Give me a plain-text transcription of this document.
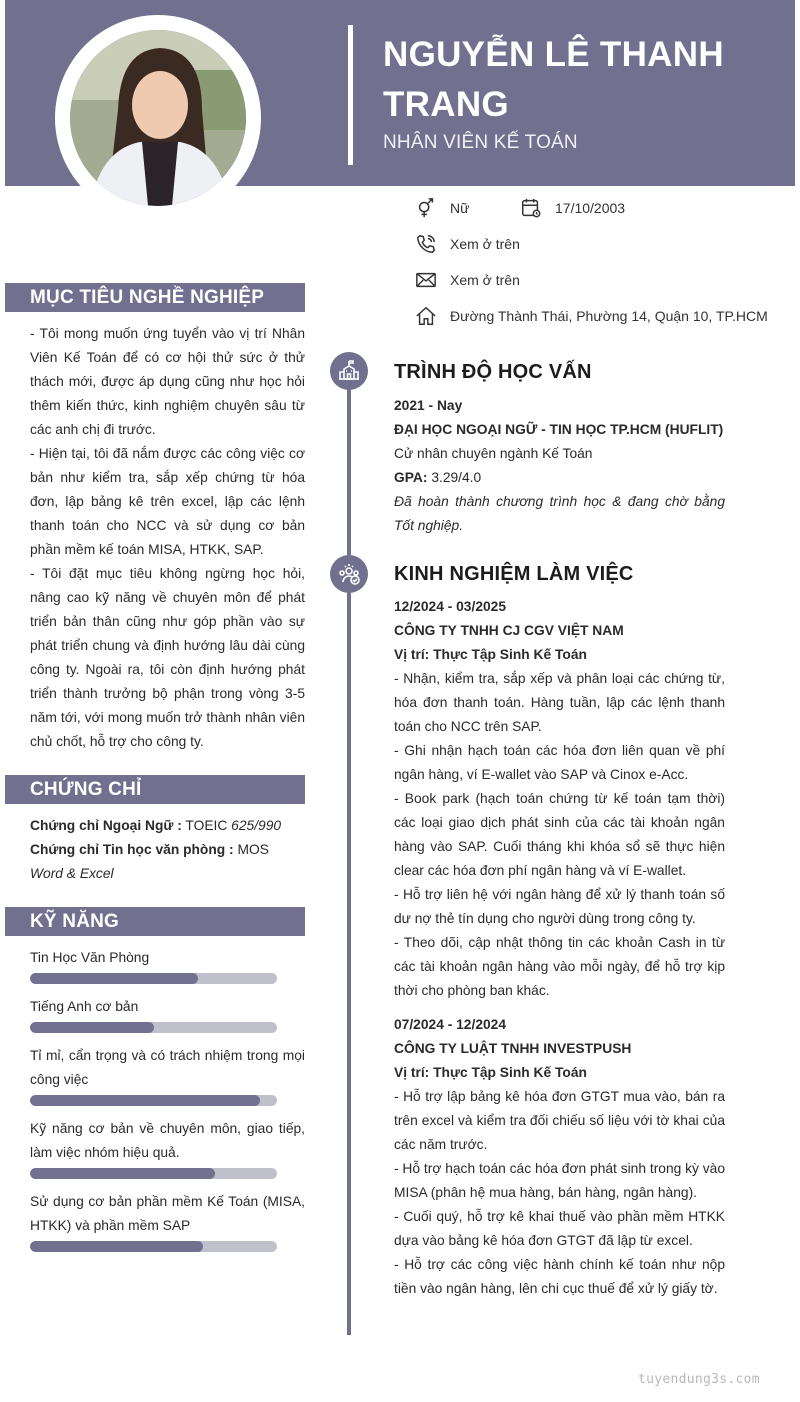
NGUYỄN LÊ THANH TRANG
NHÂN VIÊN KẾ TOÁN
Nữ	17/10/2003
Xem ở trên
Xem ở trên
Đường Thành Thái, Phường 14, Quận 10, TP.HCM
MỤC TIÊU NGHỀ NGHIỆP

- Tôi mong muốn ứng tuyển vào vị trí Nhân Viên Kế Toán để có cơ hội thử sức ở thử thách mới, được áp dụng cũng như học hỏi thêm kiến thức, kinh nghiệm chuyên sâu từ các anh chị đi trước.

- Hiện tại, tôi đã nắm được các công việc cơ bản như kiểm tra, sắp xếp chứng từ hóa đơn, lập bảng kê trên excel, lập các lệnh thanh toán cho NCC và sử dụng cơ bản phần mềm kế toán MISA, HTKK, SAP.

- Tôi đặt mục tiêu không ngừng học hỏi, nâng cao kỹ năng về chuyên môn để phát triển bản thân cũng như góp phần vào sự phát triển chung và định hướng lâu dài cùng công ty. Ngoài ra, tôi còn định hướng phát triển thành trưởng bộ phận trong vòng 3-5 năm tới, với mong muốn trở thành nhân viên chủ chốt, hỗ trợ cho công ty.

CHỨNG CHỈ
Chứng chỉ Ngoại Ngữ : TOEIC 625/990
Chứng chỉ Tin học văn phòng : MOS Word & Excel
KỸ NĂNG
Tin Học Văn Phòng
Tiếng Anh cơ bản
Tỉ mỉ, cẩn trọng và có trách nhiệm trong mọi công việc
Kỹ năng cơ bản về chuyên môn, giao tiếp, làm việc nhóm hiệu quả.
Sử dụng cơ bản phần mềm Kế Toán (MISA, HTKK) và phần mềm SAP
TRÌNH ĐỘ HỌC VẤN
2021 - Nay
ĐẠI HỌC NGOẠI NGỮ - TIN HỌC TP.HCM (HUFLIT)
Cử nhân chuyên ngành Kế Toán
GPA: 3.29/4.0
Đã hoàn thành chương trình học & đang chờ bằng Tốt nghiệp.
KINH NGHIỆM LÀM VIỆC
12/2024 - 03/2025
CÔNG TY TNHH CJ CGV VIỆT NAM
Vị trí: Thực Tập Sinh Kế Toán
- Nhận, kiểm tra, sắp xếp và phân loại các chứng từ, hóa đơn thanh toán. Hàng tuần, lập các lệnh thanh toán cho NCC trên SAP.
- Ghi nhận hạch toán các hóa đơn liên quan về phí ngân hàng, ví E-wallet vào SAP và Cinox e-Acc.
- Book park (hạch toán chứng từ kế toán tạm thời) các loại giao dịch phát sinh của các tài khoản ngân hàng vào SAP. Cuối tháng khi khóa sổ sẽ thực hiện clear các hóa đơn phí ngân hàng và ví E-wallet.
- Hỗ trợ liên hệ với ngân hàng để xử lý thanh toán số dư nợ thẻ tín dụng cho người dùng trong công ty.
- Theo dõi, cập nhật thông tin các khoản Cash in từ các tài khoản ngân hàng vào mỗi ngày, để hỗ trợ kịp thời cho phòng ban khác.
07/2024 - 12/2024
CÔNG TY LUẬT TNHH INVESTPUSH
Vị trí: Thực Tập Sinh Kế Toán
- Hỗ trợ lập bảng kê hóa đơn GTGT mua vào, bán ra trên excel và kiểm tra đối chiếu số liệu với tờ khai của các năm trước.
- Hỗ trợ hạch toán các hóa đơn phát sinh trong kỳ vào MISA (phân hệ mua hàng, bán hàng, ngân hàng).
- Cuối quý, hỗ trợ kê khai thuế vào phần mềm HTKK dựa vào bảng kê hóa đơn GTGT đã lập từ excel.
- Hỗ trợ các công việc hành chính kế toán như nộp tiền vào ngân hàng, lên chi cục thuế để xử lý giấy tờ.
tuyendung3s.com
